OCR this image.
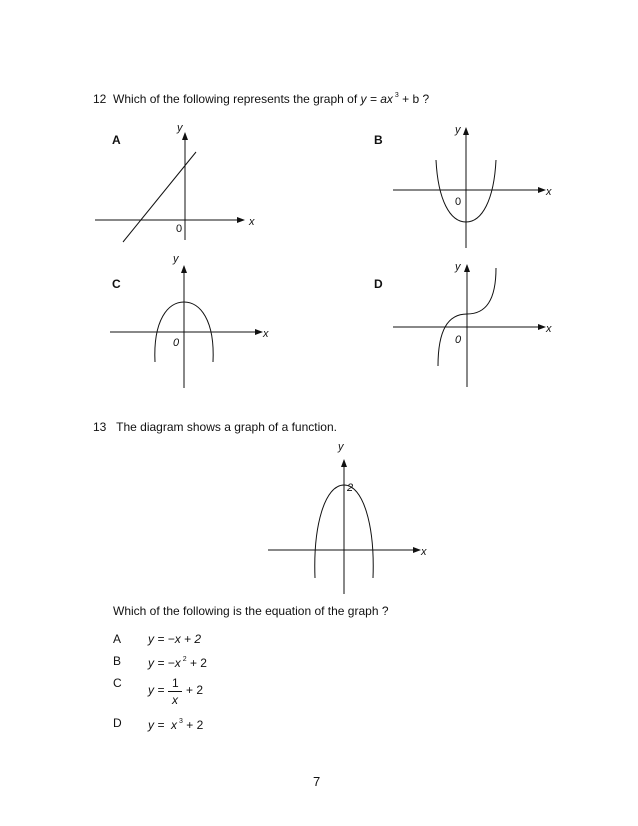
12 Which of the following represents the graph of y = ax $^3$ + b ?
A	B
C	D
x
y
0
x
y
0
x
y
0
x
y
0
x
y
2
13 The diagram shows a graph of a function.
Which of the following is the equation of the graph ?
A y = −x + 2
B y = −x $^2$ + 2
C y = 1
x
+ 2
D y =  x $^3$ + 2
7
